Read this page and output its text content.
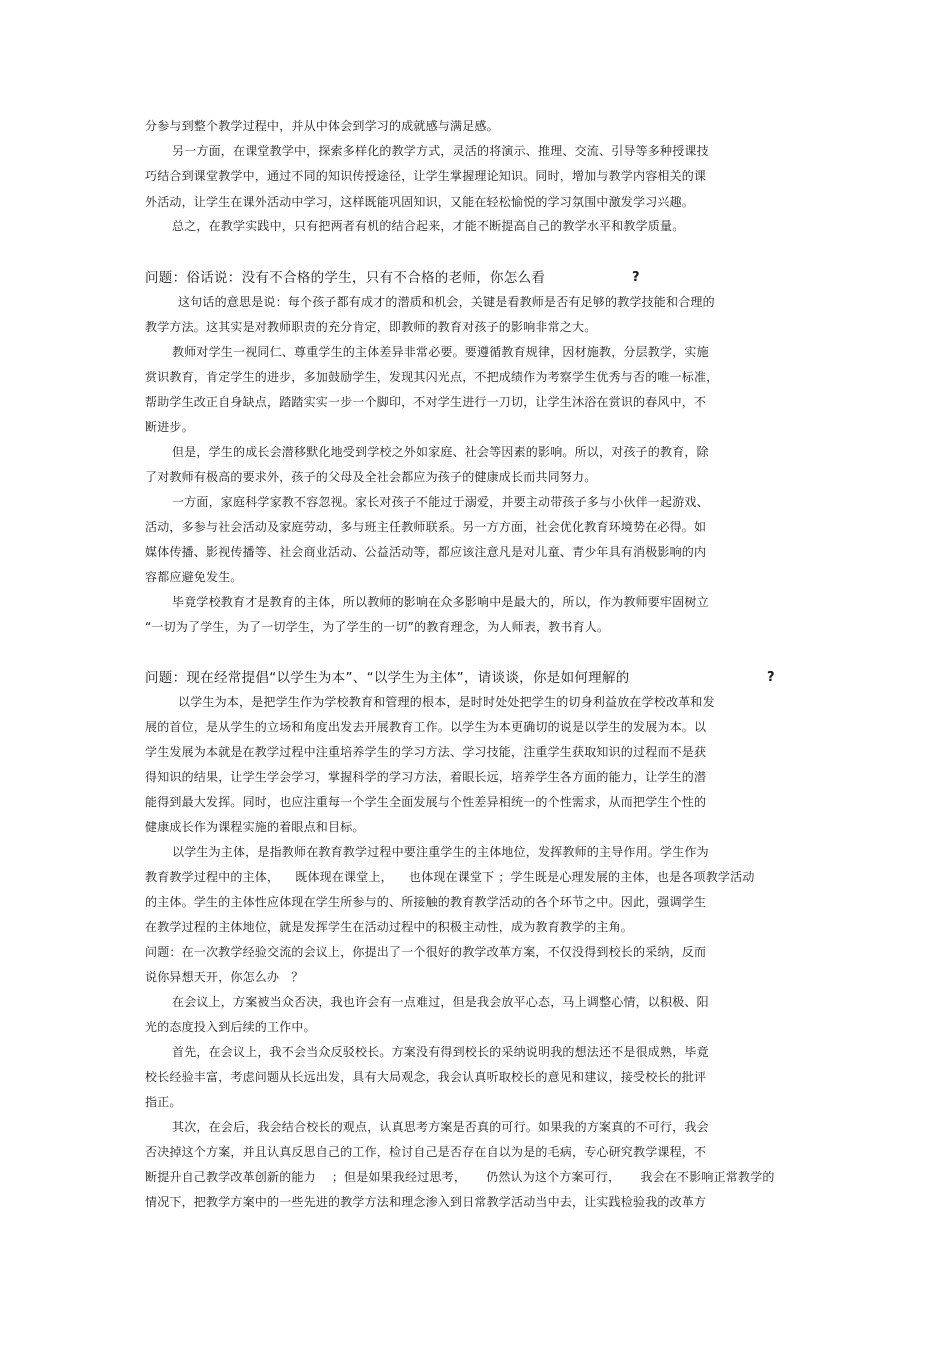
分参与到整个教学过程中，并从中体会到学习的成就感与满足感。
另一方面，在课堂教学中，探索多样化的教学方式，灵活的将演示、推理、交流、引导等多种授课技
巧结合到课堂教学中，通过不同的知识传授途径，让学生掌握理论知识。同时，增加与教学内容相关的课
外活动，让学生在课外活动中学习，这样既能巩固知识，又能在轻松愉悦的学习氛围中激发学习兴趣。
总之，在教学实践中，只有把两者有机的结合起来，才能不断提高自己的教学水平和教学质量。
问题：俗话说：没有不合格的学生，只有不合格的老师，你怎么看	?
这句话的意思是说：每个孩子都有成才的潜质和机会，关键是看教师是否有足够的教学技能和合理的
教学方法。这其实是对教师职责的充分肯定，即教师的教育对孩子的影响非常之大。
教师对学生一视同仁、尊重学生的主体差异非常必要。要遵循教育规律，因材施教，分层教学，实施
赏识教育，肯定学生的进步，多加鼓励学生，发现其闪光点，不把成绩作为考察学生优秀与否的唯一标准，
帮助学生改正自身缺点，踏踏实实一步一个脚印，不对学生进行一刀切，让学生沐浴在赏识的春风中，不
断进步。
但是，学生的成长会潜移默化地受到学校之外如家庭、社会等因素的影响。所以，对孩子的教育，除
了对教师有极高的要求外，孩子的父母及全社会都应为孩子的健康成长而共同努力。
一方面，家庭科学家教不容忽视。家长对孩子不能过于溺爱，并要主动带孩子多与小伙伴一起游戏、
活动，多参与社会活动及家庭劳动，多与班主任教师联系。另一方方面，社会优化教育环境势在必得。如
媒体传播、影视传播等、社会商业活动、公益活动等，都应该注意凡是对儿童、青少年具有消极影响的内
容都应避免发生。
毕竟学校教育才是教育的主体，所以教师的影响在众多影响中是最大的，所以，作为教师要牢固树立
“一切为了学生，为了一切学生，为了学生的一切”的教育理念，为人师表，教书育人。
问题：现在经常提倡“以学生为本”、“以学生为主体”，请谈谈，你是如何理解的	?
以学生为本，是把学生作为学校教育和管理的根本，是时时处处把学生的切身利益放在学校改革和发
展的首位，是从学生的立场和角度出发去开展教育工作。以学生为本更确切的说是以学生的发展为本。以
学生发展为本就是在教学过程中注重培养学生的学习方法、学习技能，注重学生获取知识的过程而不是获
得知识的结果，让学生学会学习，掌握科学的学习方法，着眼长远，培养学生各方面的能力，让学生的潜
能得到最大发挥。同时，也应注重每一个学生全面发展与个性差异相统一的个性需求，从而把学生个性的
健康成长作为课程实施的着眼点和目标。
以学生为主体，是指教师在教育教学过程中要注重学生的主体地位，发挥教师的主导作用。学生作为
教育教学过程中的主体，    既体现在课堂上，    也体现在课堂下 ；学生既是心理发展的主体，也是各项教学活动
的主体。学生的主体性应体现在学生所参与的、所接触的教育教学活动的各个环节之中。因此，强调学生
在教学过程的主体地位，就是发挥学生在活动过程中的积极主动性，成为教育教学的主角。
问题：在一次教学经验交流的会议上，你提出了一个很好的教学改革方案，不仅没得到校长的采纳，反而
说你异想天开，你怎么办   ？
在会议上，方案被当众否决，我也许会有一点难过，但是我会放平心态，马上调整心情，以积极、阳
光的态度投入到后续的工作中。
首先，在会议上，我不会当众反驳校长。方案没有得到校长的采纳说明我的想法还不是很成熟，毕竟
校长经验丰富，考虑问题从长远出发，具有大局观念，我会认真听取校长的意见和建议，接受校长的批评
指正。
其次，在会后，我会结合校长的观点，认真思考方案是否真的可行。如果我的方案真的不可行，我会
否决掉这个方案，并且认真反思自己的工作，检讨自己是否存在自以为是的毛病，专心研究教学课程，不
断提升自己教学改革创新的能力    ；但是如果我经过思考，     仍然认为这个方案可行，     我会在不影响正常教学的
情况下，把教学方案中的一些先进的教学方法和理念渗入到日常教学活动当中去，让实践检验我的改革方
